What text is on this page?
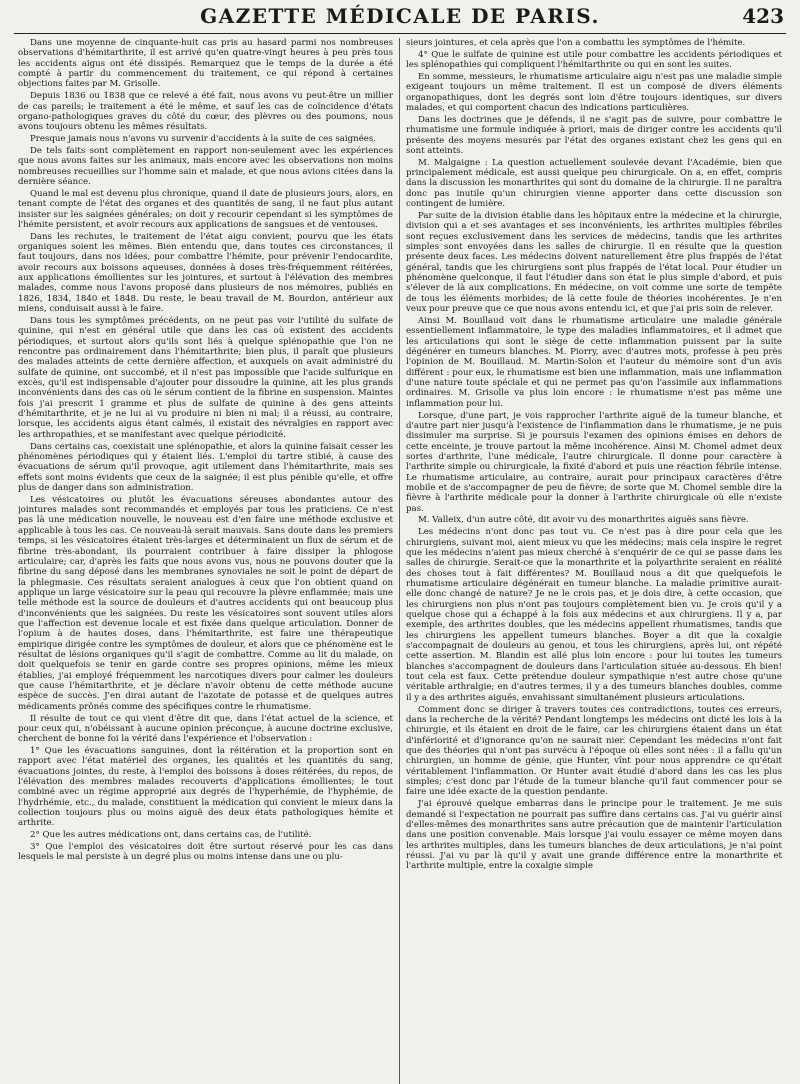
GAZETTE MÉDICALE DE PARIS.	423

Dans une moyenne de cinquante-huit cas pris au hasard parmi nos nombreuses observations d'hémitarthrite, il est arrivé qu'en quatre-vingt heures à peu près tous les accidents aigus ont été dissipés. Remarquez que le temps de la durée a été compté à partir du commencement du traitement, ce qui répond à certaines objections faites par M. Grisolle.

Depuis 1836 ou 1838 que ce relevé a été fait, nous avons vu peut-être un millier de cas pareils; le traitement a été le même, et sauf les cas de coïncidence d'états organo-pathologiques graves du côté du cœur, des plèvres ou des poumons, nous avons toujours obtenu les mêmes résultats.

Presque jamais nous n'avons vu survenir d'accidents à la suite de ces saignées.

De tels faits sont complètement en rapport non-seulement avec les expériences que nous avons faites sur les animaux, mais encore avec les observations non moins nombreuses recueillies sur l'homme sain et malade, et que nous avions citées dans la dernière séance.

Quand le mal est devenu plus chronique, quand il date de plusieurs jours, alors, en tenant compte de l'état des organes et des quantités de sang, il ne faut plus autant insister sur les saignées générales; on doit y recourir cependant si les symptômes de l'hémite persistent, et avoir recours aux applications de sangsues et de ventouses.

Dans les rechutes, le traitement de l'état aigu convient, pourvu que les états organiques soient les mêmes. Bien entendu que, dans toutes ces circonstances, il faut toujours, dans nos idées, pour combattre l'hémite, pour prévenir l'endocardite, avoir recours aux boissons aqueuses, données à doses très-fréquemment réitérées, aux applications émollientes sur les jointures, et surtout à l'élévation des membres malades, comme nous l'avons proposé dans plusieurs de nos mémoires, publiés en 1826, 1834, 1840 et 1848. Du reste, le beau travail de M. Bourdon, antérieur aux miens, conduisait aussi à le faire.

Dans tous les symptômes précédents, on ne peut pas voir l'utilité du sulfate de quinine, qui n'est en général utile que dans les cas où existent des accidents périodiques, et surtout alors qu'ils sont liés à quelque splénopathie que l'on ne rencontre pas ordinairement dans l'hémitarthrite; bien plus, il paraît que plusieurs des malades atteints de cette dernière affection, et auxquels on avait administré du sulfate de quinine, ont succombé, et il n'est pas impossible que l'acide sulfurique en excès, qu'il est indispensable d'ajouter pour dissoudre la quinine, ait les plus grands inconvénients dans des cas où le sérum contient de la fibrine en suspension. Maintes fois j'ai prescrit 1 gramme et plus de sulfate de quinine à des gens atteints d'hémitarthrite, et je ne lui ai vu produire ni bien ni mal; il a réussi, au contraire, lorsque, les accidents aigus étant calmés, il existait des névralgies en rapport avec les arthropathies, et se manifestant avec quelque périodicité.

Dans certains cas, coexistait une splénopathie, et alors la quinine faisait cesser les phénomènes périodiques qui y étaient liés. L'emploi du tartre stibié, à cause des évacuations de sérum qu'il provoque, agit utilement dans l'hémitarthrite, mais ses effets sont moins évidents que ceux de la saignée; il est plus pénible qu'elle, et offre plus de danger dans son administration.

Les vésicatoires ou plutôt les évacuations séreuses abondantes autour des jointures malades sont recommandés et employés par tous les praticiens. Ce n'est pas là une médication nouvelle, le nouveau est d'en faire une méthode exclusive et applicable à tous les cas. Ce nouveau-là serait mauvais. Sans doute dans les premiers temps, si les vésicatoires étaient très-larges et déterminaient un flux de sérum et de fibrine très-abondant, ils pourraient contribuer à faire dissiper la phlogose articulaire; car, d'après les faits que nous avons vus, nous ne pouvons douter que la fibrine du sang déposé dans les membranes synoviales ne soit le point de départ de la phlegmasie. Ces résultats seraient analogues à ceux que l'on obtient quand on applique un large vésicatoire sur la peau qui recouvre la plèvre enflammée; mais une telle méthode est la source de douleurs et d'autres accidents qui ont beaucoup plus d'inconvénients que les saignées. Du reste les vésicatoires sont souvent utiles alors que l'affection est devenue locale et est fixée dans quelque articulation. Donner de l'opium à de hautes doses, dans l'hémitarthrite, est faire une thérapeutique empirique dirigée contre les symptômes de douleur, et alors que ce phénomène est le résultat de lésions organiques qu'il s'agit de combattre. Comme au lit du malade, on doit quelquefois se tenir en garde contre ses propres opinions, même les mieux établies, j'ai employé fréquemment les narcotiques divers pour calmer les douleurs que cause l'hémitarthrite, et je déclare n'avoir obtenu de cette méthode aucune espèce de succès. J'en dirai autant de l'azotate de potasse et de quelques autres médicaments prônés comme des spécifiques contre le rhumatisme.

Il résulte de tout ce qui vient d'être dit que, dans l'état actuel de la science, et pour ceux qui, n'obéissant à aucune opinion préconçue, à aucune doctrine exclusive, cherchent de bonne foi la vérité dans l'expérience et l'observation :

1° Que les évacuations sanguines, dont la réitération et la proportion sont en rapport avec l'état matériel des organes, les qualités et les quantités du sang, évacuations jointes, du reste, à l'emploi des boissons à doses réitérées, du repos, de l'élévation des membres malades recouverts d'applications émollientes; le tout combiné avec un régime approprié aux degrés de l'hyperhémie, de l'hyphémie, de l'hydrhémie, etc., du malade, constituent la médication qui convient le mieux dans la collection toujours plus ou moins aiguë des deux états pathologiques hémite et arthrite.

2° Que les autres médications ont, dans certains cas, de l'utilité.

3° Que l'emploi des vésicatoires doit être surtout réservé pour les cas dans lesquels le mal persiste à un degré plus ou moins intense dans une ou plu-

sieurs jointures, et cela après que l'on a combattu les symptômes de l'hémite.

4° Que le sulfate de quinine est utile pour combattre les accidents périodiques et les splénopathies qui compliquent l'hémitarthrite ou qui en sont les suites.

En somme, messieurs, le rhumatisme articulaire aigu n'est pas une maladie simple exigeant toujours un même traitement. Il est un composé de divers éléments organopathiques, dont les degrés sont loin d'être toujours identiques, sur divers malades, et qui comportent chacun des indications particulières.

Dans les doctrines que je défends, il ne s'agit pas de suivre, pour combattre le rhumatisme une formule indiquée à priori, mais de diriger contre les accidents qu'il présente des moyens mesurés par l'état des organes existant chez les gens qui en sont atteints.

M. Malgaigne : La question actuellement soulevée devant l'Académie, bien que principalement médicale, est aussi quelque peu chirurgicale. On a, en effet, compris dans la discussion les monarthrites qui sont du domaine de la chirurgie. Il ne paraîtra donc pas inutile qu'un chirurgien vienne apporter dans cette discussion son contingent de lumière.

Par suite de la division établie dans les hôpitaux entre la médecine et la chirurgie, division qui a et ses avantages et ses inconvénients, les arthrites multiples fébriles sont reçues exclusivement dans les services de médecins, tandis que les arthrites simples sont envoyées dans les salles de chirurgie. Il en résulte que la question présente deux faces. Les médecins doivent naturellement être plus frappés de l'état général, tandis que les chirurgiens sont plus frappés de l'état local. Pour étudier un phénomène quelconque, il faut l'étudier dans son état le plus simple d'abord, et puis s'élever de là aux complications. En médecine, on voit comme une sorte de tempête de tous les éléments morbides; de là cette foule de théories incohérentes. Je n'en veux pour preuve que ce que nous avons entendu ici, et que j'ai pris soin de relever.

Ainsi M. Bouillaud voit dans le rhumatisme articulaire une maladie générale essentiellement inflammatoire, le type des maladies inflammatoires, et il admet que les articulations qui sont le siège de cette inflammation puissent par la suite dégénérer en tumeurs blanches. M. Piorry, avec d'autres mots, professe à peu près l'opinion de M. Bouillaud. M. Martin-Solon et l'auteur du mémoire sont d'un avis différent : pour eux, le rhumatisme est bien une inflammation, mais une inflammation d'une nature toute spéciale et qui ne permet pas qu'on l'assimile aux inflammations ordinaires. M. Grisolle va plus loin encore : le rhumatisme n'est pas même une inflammation pour lui.

Lorsque, d'une part, je vois rapprocher l'arthrite aiguë de la tumeur blanche, et d'autre part nier jusqu'à l'existence de l'inflammation dans le rhumatisme, je ne puis dissimuler ma surprise. Si je poursuis l'examen des opinions émises en dehors de cette enceinte, je trouve partout la même incohérence. Ainsi M. Chomel admet deux sortes d'arthrite, l'une médicale, l'autre chirurgicale. Il donne pour caractère à l'arthrite simple ou chirurgicale, la fixité d'abord et puis une réaction fébrile intense. Le rhumatisme articulaire, au contraire, aurait pour principaux caractères d'être mobile et de s'accompagner de peu de fièvre; de sorte que M. Chomel semble dire la fièvre à l'arthrite médicale pour la donner à l'arthrite chirurgicale où elle n'existe pas.

M. Valleix, d'un autre côté, dit avoir vu des monarthrites aiguës sans fièvre.

Les médecins n'ont donc pas tout vu. Ce n'est pas à dire pour cela que les chirurgiens, suivant moi, aient mieux vu que les médecins; mais cela inspire le regret que les médecins n'aient pas mieux cherché à s'enquérir de ce qui se passe dans les salles de chirurgie. Serait-ce que la monarthrite et la polyarthrite seraient en réalité des choses tout à fait différentes? M. Bouillaud nous a dit que quelquefois le rhumatisme articulaire dégénérait en tumeur blanche. La maladie primitive aurait-elle donc changé de nature? Je ne le crois pas, et je dois dire, à cette occasion, que les chirurgiens non plus n'ont pas toujours complètement bien vu. Je crois qu'il y a quelque chose qui a échappé à la fois aux médecins et aux chirurgiens. Il y a, par exemple, des arthrites doubles, que les médecins appellent rhumatismes, tandis que les chirurgiens les appellent tumeurs blanches. Boyer a dit que la coxalgie s'accompagnait de douleurs au genou, et tous les chirurgiens, après lui, ont répété cette assertion. M. Blandin est allé plus loin encore : pour lui toutes les tumeurs blanches s'accompagnent de douleurs dans l'articulation située au-dessous. Eh bien! tout cela est faux. Cette prétendue douleur sympathique n'est autre chose qu'une véritable arthralgie; en d'autres termes, il y a des tumeurs blanches doubles, comme il y a des arthrites aiguës, envahissant simultanément plusieurs articulations.

Comment donc se diriger à travers toutes ces contradictions, toutes ces erreurs, dans la recherche de la vérité? Pendant longtemps les médecins ont dicté les lois à la chirurgie, et ils étaient en droit de le faire, car les chirurgiens étaient dans un état d'infériorité et d'ignorance qu'on ne saurait nier. Cependant les médecins n'ont fait que des théories qui n'ont pas survécu à l'époque où elles sont nées : il a fallu qu'un chirurgien, un homme de génie, que Hunter, vînt pour nous apprendre ce qu'était véritablement l'inflammation. Or Hunter avait étudié d'abord dans les cas les plus simples; c'est donc par l'étude de la tumeur blanche qu'il faut commencer pour se faire une idée exacte de la question pendante.

J'ai éprouvé quelque embarras dans le principe pour le traitement. Je me suis demandé si l'expectation ne pourrait pas suffire dans certains cas. J'ai vu guérir ainsi d'elles-mêmes des monarthrites sans autre précaution que de maintenir l'articulation dans une position convenable. Mais lorsque j'ai voulu essayer ce même moyen dans les arthrites multiples, dans les tumeurs blanches de deux articulations, je n'ai point réussi. J'ai vu par là qu'il y avait une grande différence entre la monarthrite et l'arthrite multiple, entre la coxalgie simple
